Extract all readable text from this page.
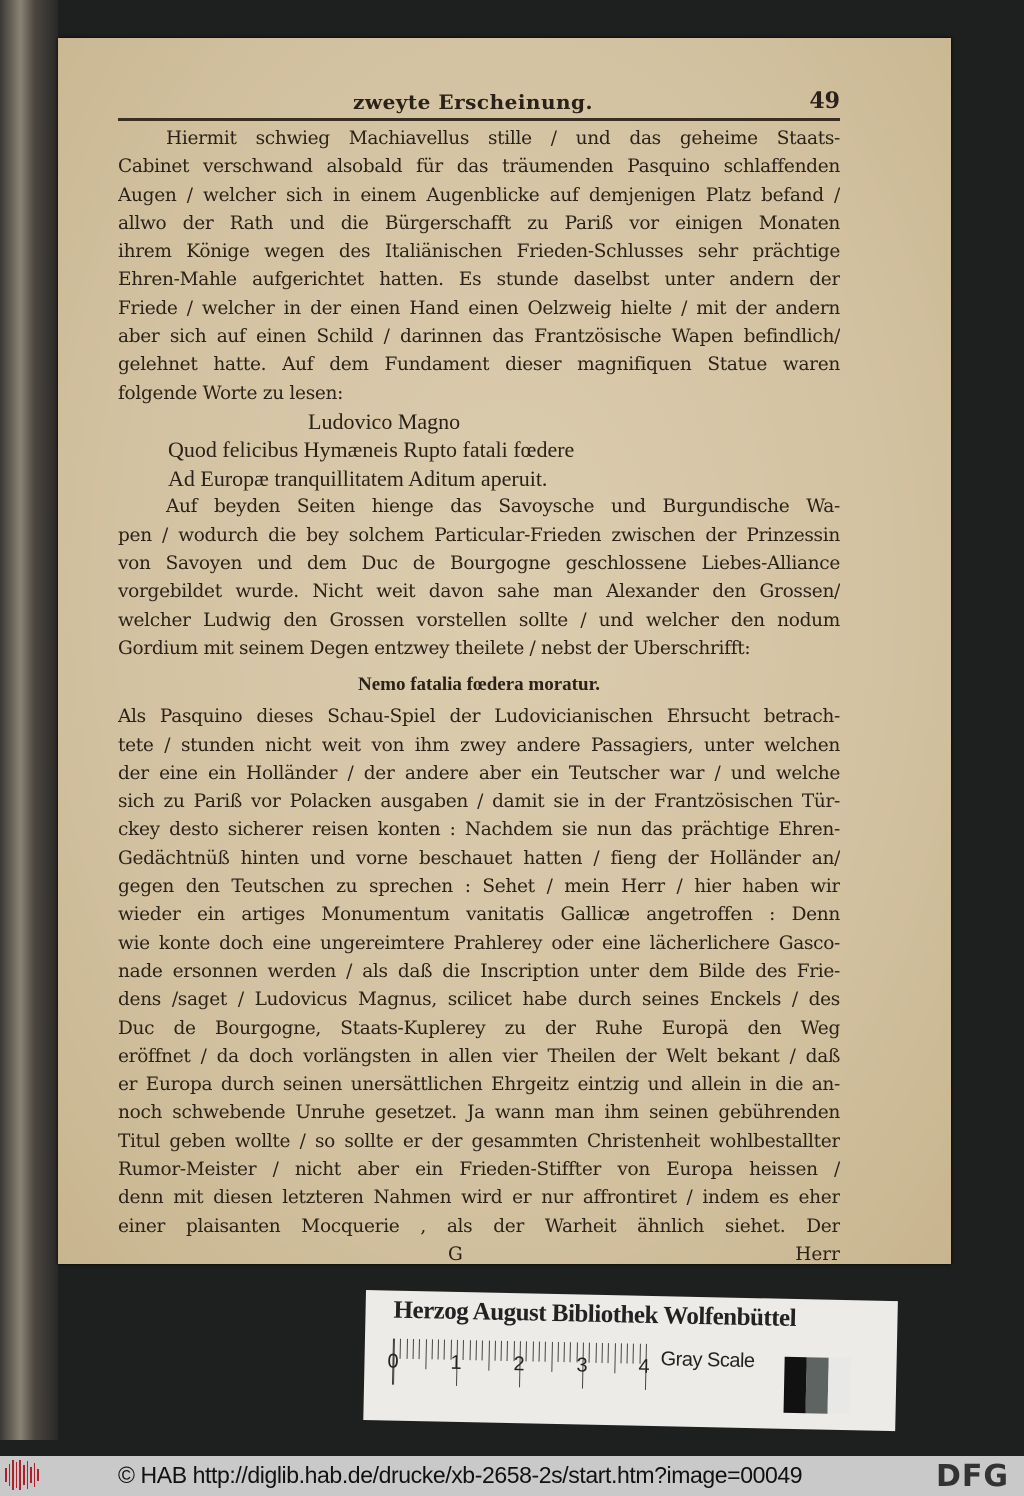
zweyte Erscheinung.	49
Hiermit schwieg Machiavellus stille / und das geheime Staats-
Cabinet verschwand alsobald für das träumenden Pasquino schlaffenden
Augen / welcher sich in einem Augenblicke auf demjenigen Platz befand /
allwo der Rath und die Bürgerschafft zu Pariß vor einigen Monaten
ihrem Könige wegen des Italiänischen Frieden-Schlusses sehr prächtige
Ehren-Mahle aufgerichtet hatten. Es stunde daselbst unter andern der
Friede / welcher in der einen Hand einen Oelzweig hielte / mit der andern
aber sich auf einen Schild / darinnen das Frantzösische Wapen befindlich/
gelehnet hatte. Auf dem Fundament dieser magnifiquen Statue waren
folgende Worte zu lesen:
Ludovico Magno
Quod felicibus Hymæneis Rupto fatali fœdere
Ad Europæ tranquillitatem Aditum aperuit.
Auf beyden Seiten hienge das Savoysche und Burgundische Wa-
pen / wodurch die bey solchem Particular-Frieden zwischen der Prinzessin
von Savoyen und dem Duc de Bourgogne geschlossene Liebes-Alliance
vorgebildet wurde. Nicht weit davon sahe man Alexander den Grossen/
welcher Ludwig den Grossen vorstellen sollte / und welcher den nodum
Gordium mit seinem Degen entzwey theilete / nebst der Uberschrifft:
Nemo fatalia fœdera moratur.
Als Pasquino dieses Schau-Spiel der Ludovicianischen Ehrsucht betrach-
tete / stunden nicht weit von ihm zwey andere Passagiers, unter welchen
der eine ein Holländer / der andere aber ein Teutscher war / und welche
sich zu Pariß vor Polacken ausgaben / damit sie in der Frantzösischen Tür-
ckey desto sicherer reisen konten : Nachdem sie nun das prächtige Ehren-
Gedächtnüß hinten und vorne beschauet hatten / fieng der Holländer an/
gegen den Teutschen zu sprechen : Sehet / mein Herr / hier haben wir
wieder ein artiges Monumentum vanitatis Gallicæ angetroffen : Denn
wie konte doch eine ungereimtere Prahlerey oder eine lächerlichere Gasco-
nade ersonnen werden / als daß die Inscription unter dem Bilde des Frie-
dens /saget / Ludovicus Magnus, scilicet habe durch seines Enckels / des
Duc de Bourgogne, Staats-Kuplerey zu der Ruhe Europä den Weg
eröffnet / da doch vorlängsten in allen vier Theilen der Welt bekant / daß
er Europa durch seinen unersättlichen Ehrgeitz eintzig und allein in die an-
noch schwebende Unruhe gesetzet. Ja wann man ihm seinen gebührenden
Titul geben wollte / so sollte er der gesammten Christenheit wohlbestallter
Rumor-Meister / nicht aber ein Frieden-Stiffter von Europa heissen /
denn mit diesen letzteren Nahmen wird er nur affrontiret / indem es eher
einer plaisanten Mocquerie , als der Warheit ähnlich siehet. Der
G	Herr
Herzog August Bibliothek Wolfenbüttel
0	1	2	3	4 Gray Scale
© HAB http://diglib.hab.de/drucke/xb-2658-2s/start.htm?image=00049	DFG
